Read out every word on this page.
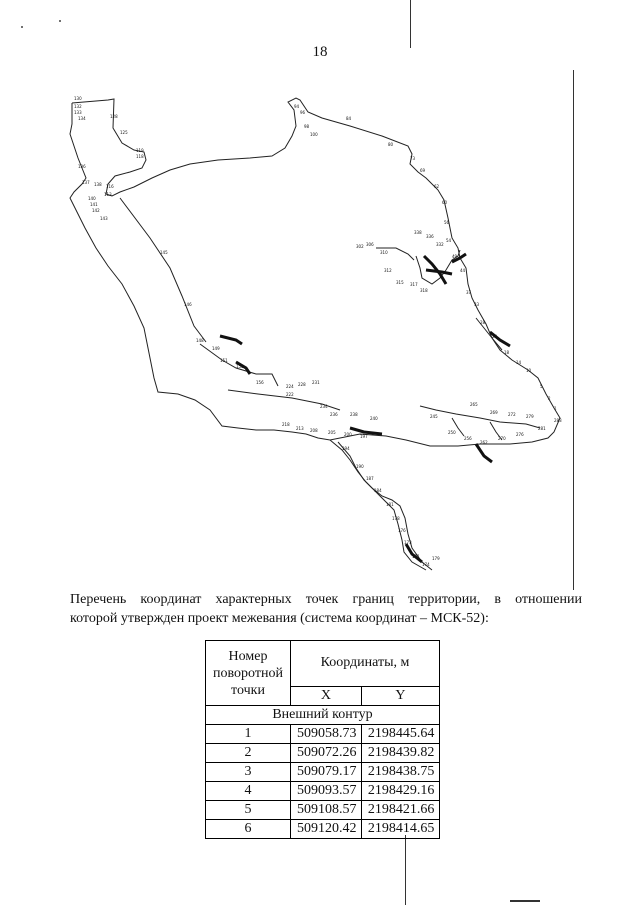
18
130
132
133
134	128
125
119
118
136
137 138 116
113
140
141
142
143
145
146
148
149
151
152
156
94
96
98
100
84
80
73
69
62
60
56
54
49
44
37
33
28
23
18
14
10
5
2
1
338
336
332
302 306
310
312
315 317
318
224 228 231
222
234
236	238
240
218
213 208	205 200 197
245
250
256
262
270
276
281
283
265
269	272	279
194
190
187
184
181
178
176
173
171
174
179
Перечень координат характерных точек границ территории, в отношении
которой утвержден проект межевания (система координат – МСК-52):
Номер поворотной точки	Координаты, м	
	X	Y
Внешний контур		
1	509058.73	2198445.64
2	509072.26	2198439.82
3	509079.17	2198438.75
4	509093.57	2198429.16
5	509108.57	2198421.66
6	509120.42	2198414.65
